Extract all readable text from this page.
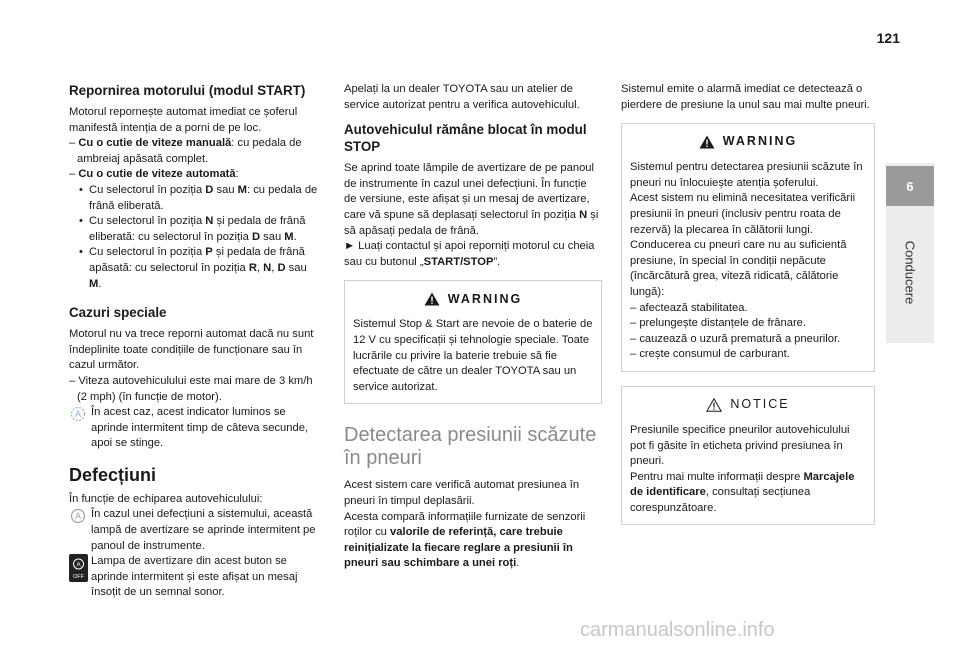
121
6
Conducere
Repornirea motorului (modul START)

Motorul repornește automat imediat ce șoferul manifestă intenția de a porni de pe loc.

– Cu o cutie de viteze manuală: cu pedala de ambreiaj apăsată complet.

– Cu o cutie de viteze automată:

• Cu selectorul în poziția D sau M: cu pedala de frână eliberată.

• Cu selectorul în poziția N și pedala de frână eliberată: cu selectorul în poziția D sau M.

• Cu selectorul în poziția P și pedala de frână apăsată: cu selectorul în poziția R, N, D sau M.

Cazuri speciale

Motorul nu va trece reporni automat dacă nu sunt îndeplinite toate condițiile de funcționare sau în cazul următor.

– Viteza autovehiculului este mai mare de 3 km/h (2 mph) (în funcție de motor).

A În acest caz, acest indicator luminos se aprinde intermitent timp de câteva secunde, apoi se stinge.

Defecțiuni

În funcție de echiparea autovehiculului:

A În cazul unei defecțiuni a sistemului, această lampă de avertizare se aprinde intermitent pe panoul de instrumente.

A
OFF
Lampa de avertizare din acest buton se aprinde intermitent și este afișat un mesaj însoțit de un semnal sonor.

Apelați la un dealer TOYOTA sau un atelier de service autorizat pentru a verifica autovehiculul.

Autovehiculul rămâne blocat în modul STOP

Se aprind toate lămpile de avertizare de pe panoul de instrumente în cazul unei defecțiuni. În funcție de versiune, este afișat și un mesaj de avertizare, care vă spune să deplasați selectorul în poziția N și să apăsați pedala de frână.

► Luați contactul și apoi reporniți motorul cu cheia sau cu butonul „START/STOP”.

WARNING

Sistemul Stop & Start are nevoie de o baterie de 12 V cu specificații și tehnologie speciale. Toate lucrările cu privire la baterie trebuie să fie efectuate de către un dealer TOYOTA sau un service autorizat.

Detectarea presiunii scăzute în pneuri

Acest sistem care verifică automat presiunea în pneuri în timpul deplasării.

Acesta compară informațiile furnizate de senzorii roților cu valorile de referință, care trebuie reinițializate la fiecare reglare a presiunii în pneuri sau schimbare a unei roți.

Sistemul emite o alarmă imediat ce detectează o pierdere de presiune la unul sau mai multe pneuri.

WARNING

Sistemul pentru detectarea presiunii scăzute în pneuri nu înlocuiește atenția șoferului.

Acest sistem nu elimină necesitatea verificării presiunii în pneuri (inclusiv pentru roata de rezervă) la plecarea în călătorii lungi.

Conducerea cu pneuri care nu au suficientă presiune, în special în condiții nepăcute (încărcătură grea, viteză ridicată, călătorie lungă):

– afectează stabilitatea.

– prelungește distanțele de frânare.

– cauzează o uzură prematură a pneurilor.

– crește consumul de carburant.

NOTICE

Presiunile specifice pneurilor autovehiculului pot fi găsite în eticheta privind presiunea în pneuri.

Pentru mai multe informații despre Marcajele de identificare, consultați secțiunea corespunzătoare.

carmanualsonline.info
